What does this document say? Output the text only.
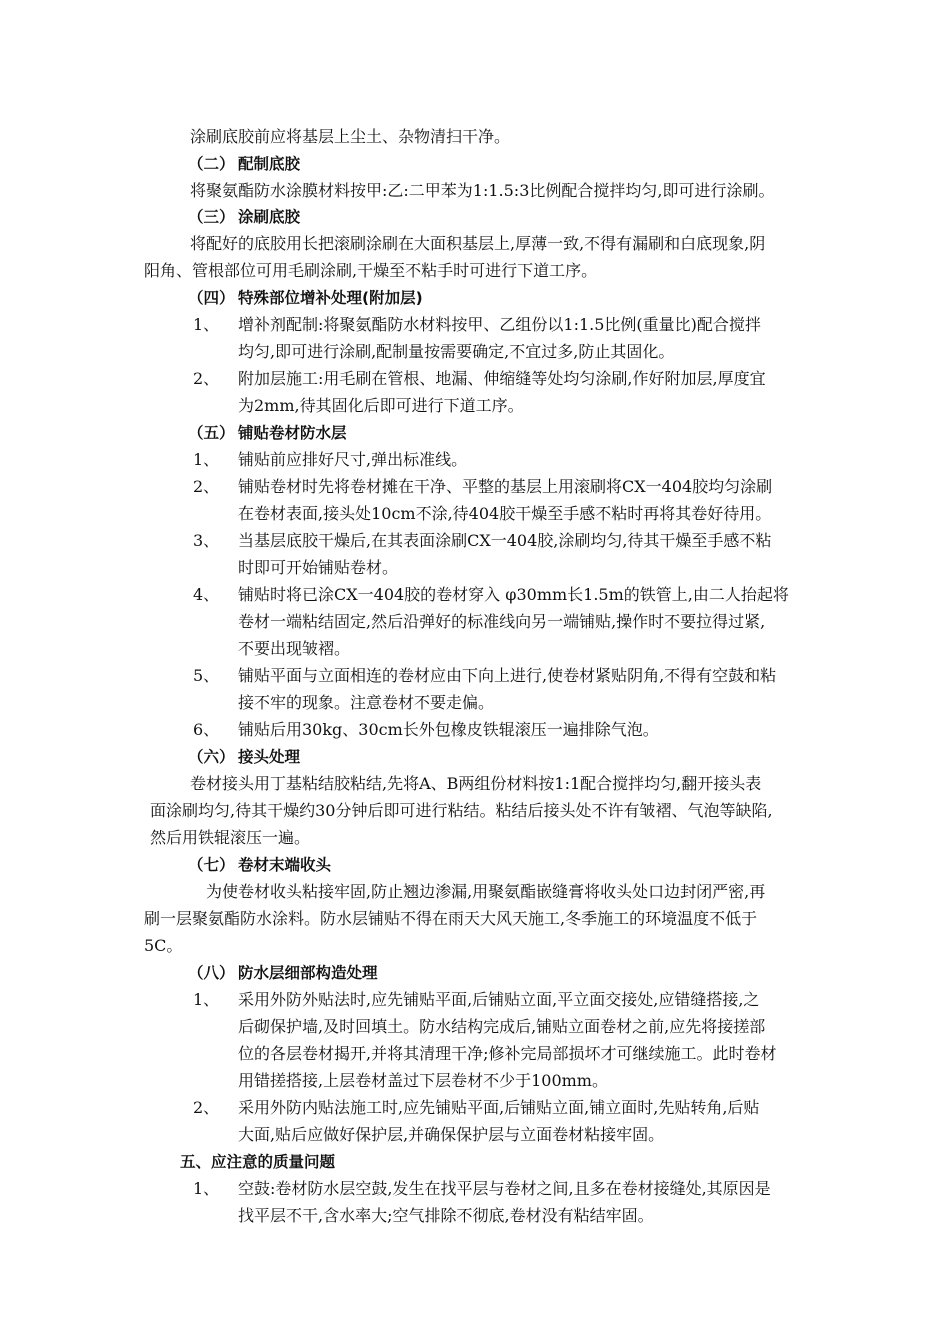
涂刷底胶前应将基层上尘土、杂物清扫干净。
（二） 配制底胶
将聚氨酯防水涂膜材料按甲:乙:二甲苯为1:1.5:3比例配合搅拌均匀,即可进行涂刷。
（三） 涂刷底胶
将配好的底胶用长把滚刷涂刷在大面积基层上,厚薄一致,不得有漏刷和白底现象,阴
阳角、管根部位可用毛刷涂刷,干燥至不粘手时可进行下道工序。
（四） 特殊部位增补处理(附加层)
1、 增补剂配制:将聚氨酯防水材料按甲、乙组份以1:1.5比例(重量比)配合搅拌
均匀,即可进行涂刷,配制量按需要确定,不宜过多,防止其固化。
2、 附加层施工:用毛刷在管根、地漏、伸缩缝等处均匀涂刷,作好附加层,厚度宜
为2mm,待其固化后即可进行下道工序。
（五） 铺贴卷材防水层
1、 铺贴前应排好尺寸,弹出标准线。
2、 铺贴卷材时先将卷材摊在干净、平整的基层上用滚刷将CX一404胶均匀涂刷
在卷材表面,接头处10cm不涂,待404胶干燥至手感不粘时再将其卷好待用。
3、 当基层底胶干燥后,在其表面涂刷CX一404胶,涂刷均匀,待其干燥至手感不粘
时即可开始铺贴卷材。
4、 铺贴时将已涂CX一404胶的卷材穿入 φ30mm长1.5m的铁管上,由二人抬起将
卷材一端粘结固定,然后沿弹好的标准线向另一端铺贴,操作时不要拉得过紧,
不要出现皱褶。
5、 铺贴平面与立面相连的卷材应由下向上进行,使卷材紧贴阴角,不得有空鼓和粘
接不牢的现象。注意卷材不要走偏。
6、 铺贴后用30kg、30cm长外包橡皮铁辊滚压一遍排除气泡。
（六） 接头处理
卷材接头用丁基粘结胶粘结,先将A、B两组份材料按1:1配合搅拌均匀,翻开接头表
面涂刷均匀,待其干燥约30分钟后即可进行粘结。粘结后接头处不许有皱褶、气泡等缺陷,
然后用铁辊滚压一遍。
（七） 卷材末端收头
为使卷材收头粘接牢固,防止翘边渗漏,用聚氨酯嵌缝膏将收头处口边封闭严密,再
刷一层聚氨酯防水涂料。防水层铺贴不得在雨天大风天施工,冬季施工的环境温度不低于
5C。
（八） 防水层细部构造处理
1、 采用外防外贴法时,应先铺贴平面,后铺贴立面,平立面交接处,应错缝搭接,之
后砌保护墙,及时回填土。防水结构完成后,铺贴立面卷材之前,应先将接搓部
位的各层卷材揭开,并将其清理干净;修补完局部损坏才可继续施工。此时卷材
用错搓搭接,上层卷材盖过下层卷材不少于100mm。
2、 采用外防内贴法施工时,应先铺贴平面,后铺贴立面,铺立面时,先贴转角,后贴
大面,贴后应做好保护层,并确保保护层与立面卷材粘接牢固。
五、应注意的质量问题
1、 空鼓:卷材防水层空鼓,发生在找平层与卷材之间,且多在卷材接缝处,其原因是
找平层不干,含水率大;空气排除不彻底,卷材没有粘结牢固。
